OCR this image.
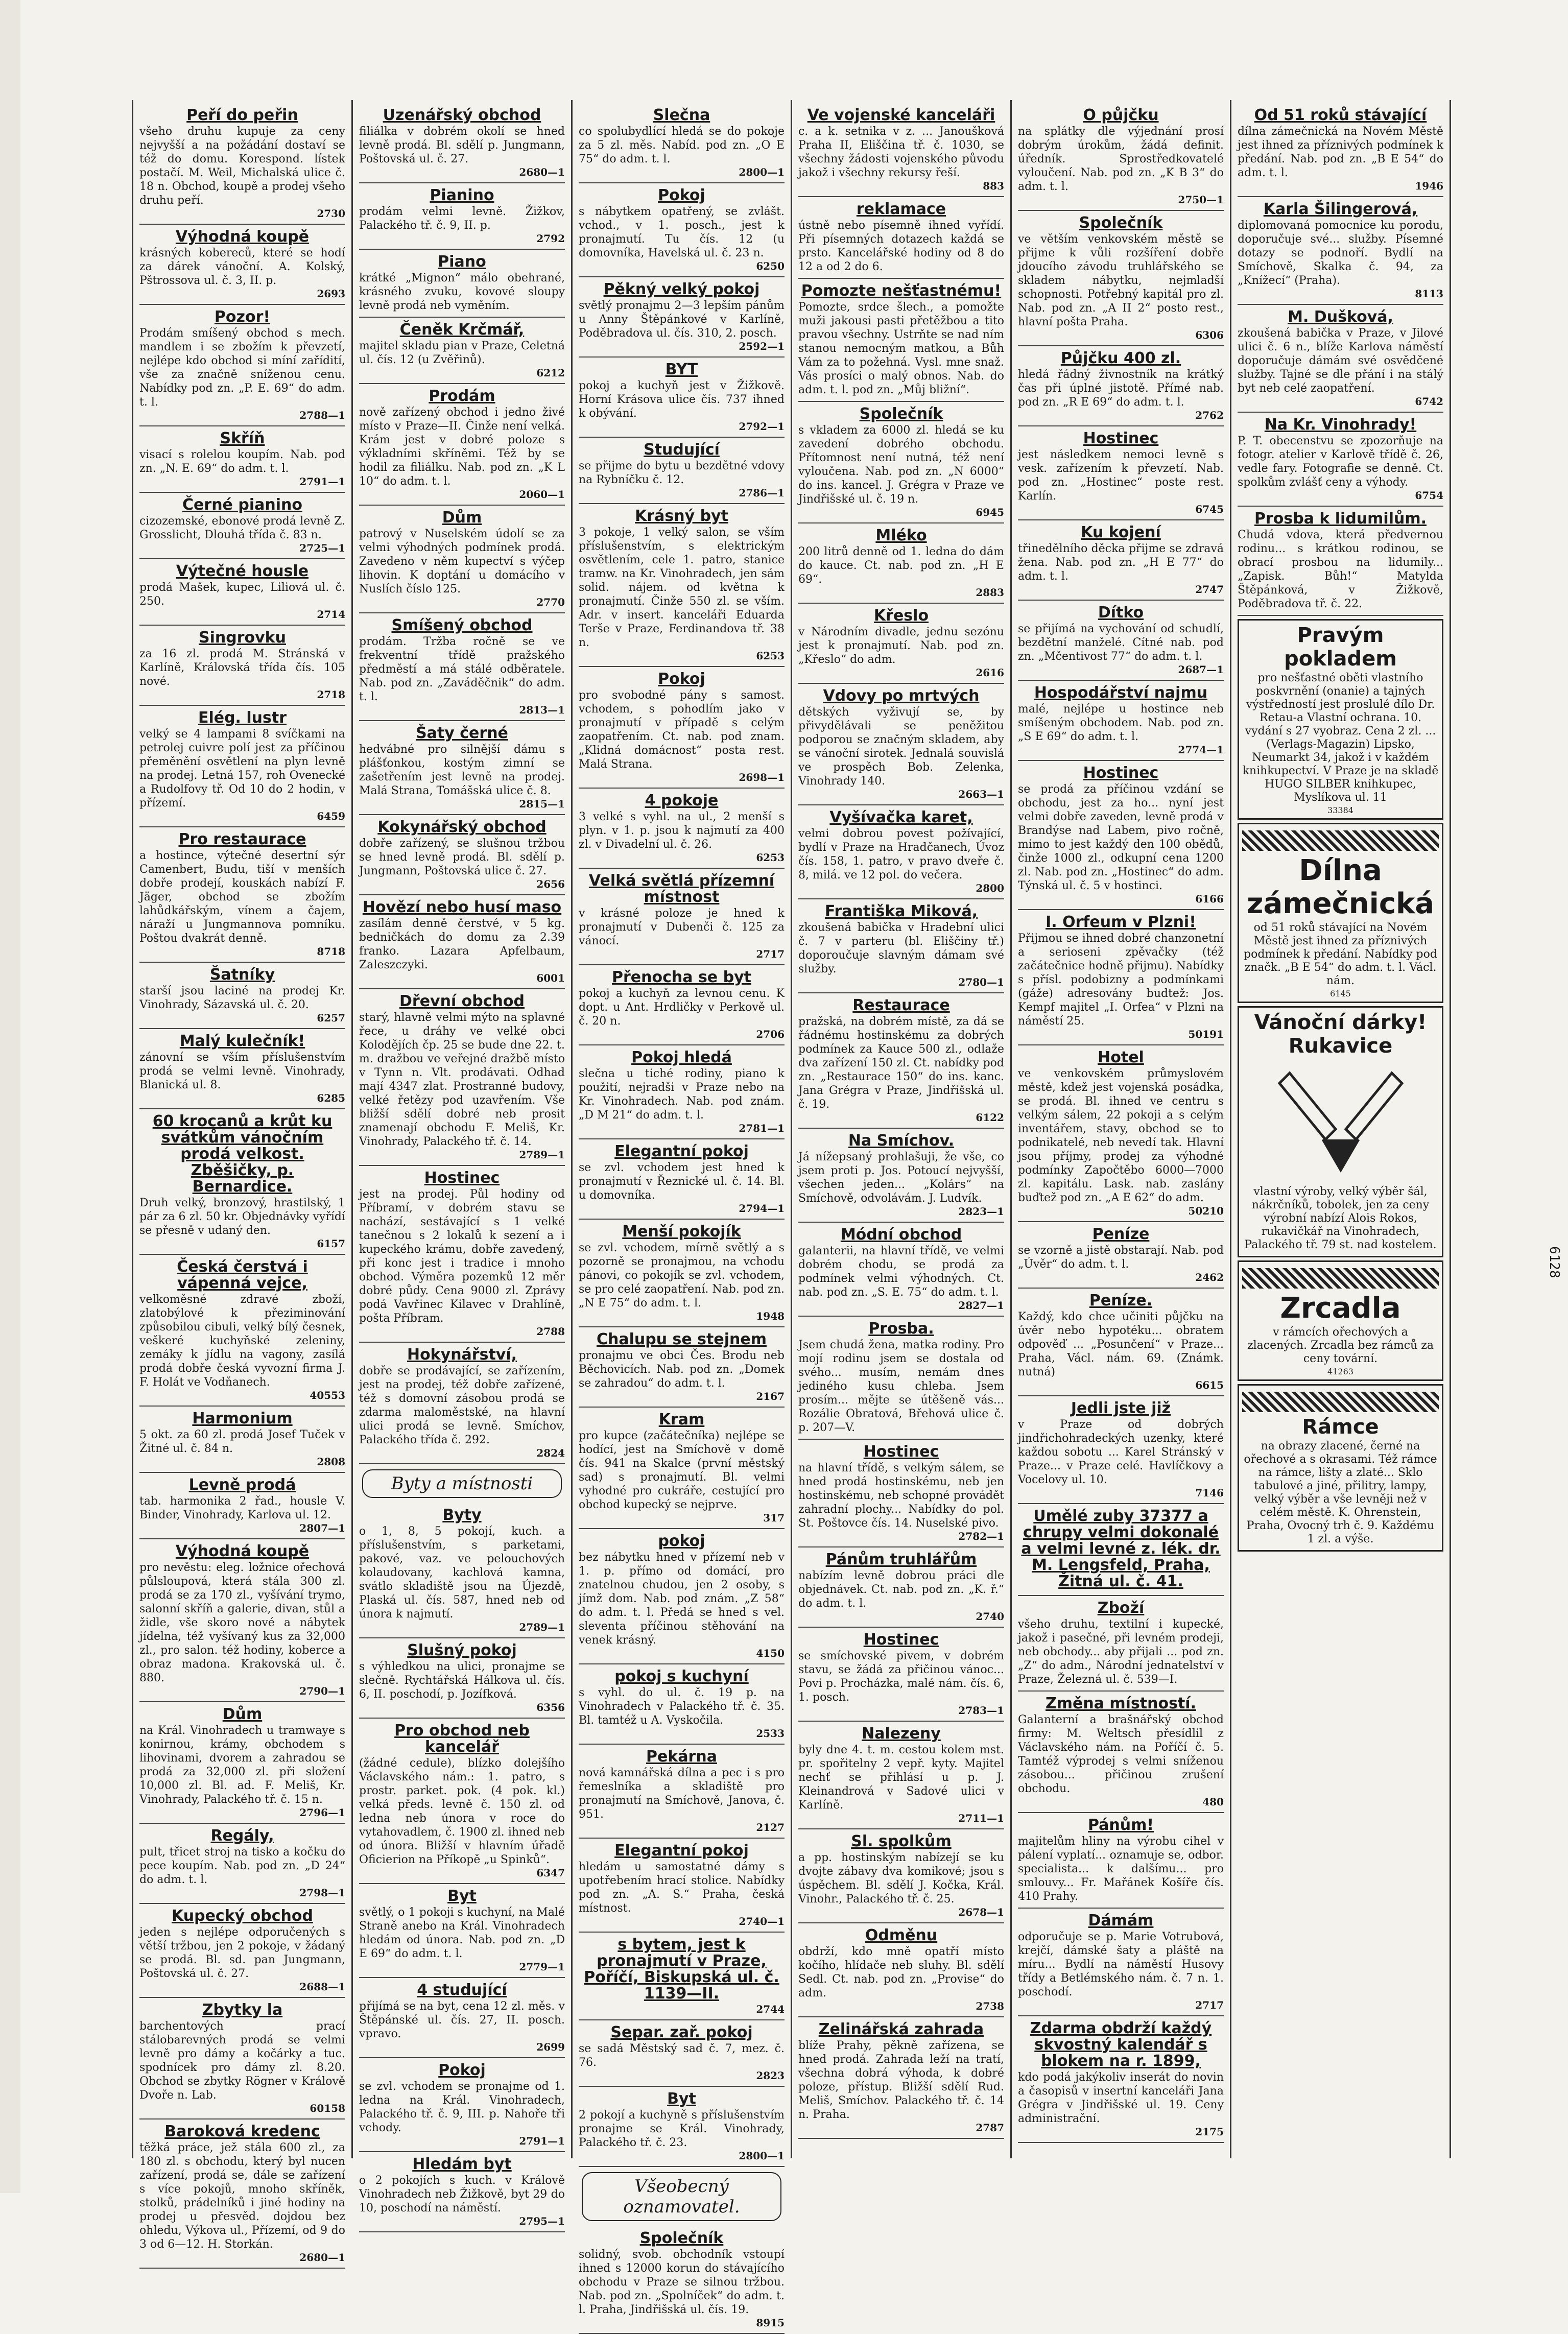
Peří do peřin

všeho druhu kupuje za ceny nejvyšší a na požádání dostaví se též do domu. Korespond. lístek postačí. M. Weil, Michalská ulice č. 18 n. Obchod, koupě a prodej všeho druhu peří.

2730
Výhodná koupě

krásných kobereců, které se hodí za dárek vánoční. A. Kolský, Pštrossova ul. č. 3, II. p.

2693
Pozor!

Prodám smíšený obchod s mech. mandlem i se zbožím k převzetí, nejlépe kdo obchod si míní zařídití, vše za značně sníženou cenu. Nabídky pod zn. „P. E. 69“ do adm. t. l.

2788—1
Skříň

visací s rolelou koupím. Nab. pod zn. „N. E. 69“ do adm. t. l.

2791—1
Černé pianino

cizozemské, ebonové prodá levně Z. Grosslicht, Dlouhá třída č. 83 n.

2725—1
Výtečné housle

prodá Mašek, kupec, Liliová ul. č. 250.

2714
Singrovku

za 16 zl. prodá M. Stránská v Karlíně, Královská třída čís. 105 nové.

2718
Elég. lustr

velký se 4 lampami 8 svíčkami na petrolej cuivre polí jest za příčinou přeměnění osvětlení na plyn levně na prodej. Letná 157, roh Ovenecké a Rudolfovy tř. Od 10 do 2 hodin, v přízemí.

6459
Pro restaurace

a hostince, výtečné desertní sýr Camenbert, Budu, tiší v menších dobře prodejí, kouskách nabízí F. Jäger, obchod se zbožím lahůdkářským, vínem a čajem, náraží u Jungmannova pomníku. Poštou dvakrát denně.

8718
Šatníky

starší jsou laciné na prodej Kr. Vinohrady, Sázavská ul. č. 20.

6257
Malý kulečník!

zánovní se vším příslušenstvím prodá se velmi levně. Vinohrady, Blanická ul. 8.

6285
60 krocanů a krůt ku svátkům vánočním prodá velkost. Zběšičky, p. Bernardice.

Druh velký, bronzový, hrastilský, 1 pár za 6 zl. 50 kr. Objednávky vyřídí se přesně v udaný den.

6157
Česká čerstvá i vápenná vejce,

velkoměsné zdravé zboží, zlatobýlové k přeziminování způsobilou cibuli, velký bílý česnek, veškeré kuchyňské zeleniny, zemáky k jídlu na vagony, zasílá prodá dobře česká vyvozní firma J. F. Holát ve Vodňanech.

40553
Harmonium

5 okt. za 60 zl. prodá Josef Tuček v Žitné ul. č. 84 n.

2808
Levně prodá

tab. harmonika 2 řad., housle V. Binder, Vinohrady, Karlova ul. 12.

2807—1
Výhodná koupě

pro nevěstu: eleg. ložnice ořechová půlsloupová, která stála 300 zl. prodá se za 170 zl., vyšívání trymo, salonní skříň a galerie, divan, stůl a židle, vše skoro nové a nábytek jídelna, též vyšívaný kus za 32,000 zl., pro salon. též hodiny, koberce a obraz madona. Krakovská ul. č. 880.

2790—1
Dům

na Král. Vinohradech u tramwaye s konirnou, krámy, obchodem s lihovinami, dvorem a zahradou se prodá za 32,000 zl. při složení 10,000 zl. Bl. ad. F. Meliš, Kr. Vinohrady, Palackého tř. č. 15 n.

2796—1
Regály,

pult, třicet stroj na tisko a kočku do pece koupím. Nab. pod zn. „D 24“ do adm. t. l.

2798—1
Kupecký obchod

jeden s nejlépe odporučených s větší tržbou, jen 2 pokoje, v žádaný se prodá. Bl. sd. pan Jungmann, Poštovská ul. č. 27.

2688—1
Zbytky la

barchentových prací stálobarevných prodá se velmi levně pro dámy a kočárky a tuc. spodnícek pro dámy zl. 8.20. Obchod se zbytky Rögner v Králově Dvoře n. Lab.

60158
Baroková kredenc

těžká práce, jež stála 600 zl., za 180 zl. s obchodu, který byl nucen zařízení, prodá se, dále se zařízení s více pokojů, mnoho skříněk, stolků, prádelníků i jiné hodiny na prodej u přesvěd. dojdou bez ohledu, Výkova ul., Přízemí, od 9 do 3 od 6—12. H. Storkán.

2680—1
Uzenářský obchod

filiálka v dobrém okolí se hned levně prodá. Bl. sdělí p. Jungmann, Poštovská ul. č. 27.

2680—1
Pianino

prodám velmi levně. Žižkov, Palackého tř. č. 9, II. p.

2792
Piano

krátké „Mignon“ málo obehrané, krásného zvuku, kovové sloupy levně prodá neb vyměním.

Čeněk Krčmář,

majitel skladu pian v Praze, Celetná ul. čís. 12 (u Zvěřinů).

6212
Prodám

nově zařízený obchod i jedno živé místo v Praze—II. Činže není velká. Krám jest v dobré poloze s výkladními skříněmi. Též by se hodil za filiálku. Nab. pod zn. „K L 10“ do adm. t. l.

2060—1
Dům

patrový v Nuselském údolí se za velmi výhodných podmínek prodá. Zavedeno v něm kupectví s výčep lihovin. K doptání u domácího v Nuslích číslo 125.

2770
Smíšený obchod

prodám. Tržba ročně se ve frekventní třídě pražského předměstí a má stálé odběratele. Nab. pod zn. „Zaváděčnik“ do adm. t. l.

2813—1
Šaty černé

hedvábné pro silnější dámu s plášťonkou, kostým zimní se zašetřením jest levně na prodej. Malá Strana, Tomášská ulice č. 8.

2815—1
Kokynářský obchod

dobře zařízený, se slušnou tržbou se hned levně prodá. Bl. sdělí p. Jungmann, Poštovská ulice č. 27.

2656
Hovězí nebo husí maso

zasílám denně čerstvé, v 5 kg. bedničkách do domu za 2.39 franko. Lazara Apfelbaum, Zaleszczyki.

6001
Dřevní obchod

starý, hlavně velmi mýto na splavné řece, u dráhy ve velké obci Kolodějích čp. 25 se bude dne 22. t. m. dražbou ve veřejné dražbě místo v Tynn n. Vlt. prodávati. Odhad mají 4347 zlat. Prostranné budovy, velké řetězy pod uzavřením. Vše bližší sdělí dobré neb prosit znamenají obchodu F. Meliš, Kr. Vinohrady, Palackého tř. č. 14.

2789—1
Hostinec

jest na prodej. Půl hodiny od Příbramí, v dobrém stavu se nachází, sestávající s 1 velké tanečnou s 2 lokalů k sezení a i kupeckého krámu, dobře zavedený, při konc jest i tradice i mnoho obchod. Výměra pozemků 12 měr dobré půdy. Cena 9000 zl. Zprávy podá Vavřinec Kilavec v Drahlíně, pošta Příbram.

2788
Hokynářství,

dobře se prodávající, se zařízením, jest na prodej, též dobře zařízené, též s domovní zásobou prodá se zdarma maloměstské, na hlavní ulici prodá se levně. Smíchov, Palackého třída č. 292.

2824
Byty a místnosti
Byty

o 1, 8, 5 pokojí, kuch. a příslušenstvím, s parketami, pakové, vaz. ve pelouchových kolaudovany, kachlová kamna, svátlo skladiště jsou na Újezdě, Plaská ul. čís. 587, hned neb od února k najmutí.

2789—1
Slušný pokoj

s výhledkou na ulici, pronajme se slečně. Rychtářská Hálkova ul. čís. 6, II. poschodí, p. Jozífková.

6356
Pro obchod neb kancelář

(žádné cedule), blízko dolejšího Václavského nám.: 1. patro, s prostr. parket. pok. (4 pok. kl.) velká předs. levně č. 150 zl. od ledna neb února v roce do vytahovadlem, č. 1900 zl. ihned neb od února. Bližší v hlavním úřadě Oficierion na Příkopě „u Spinků“.

6347
Byt

světlý, o 1 pokoji s kuchyní, na Malé Straně anebo na Král. Vinohradech hledám od února. Nab. pod zn. „D E 69“ do adm. t. l.

2779—1
4 studující

přijímá se na byt, cena 12 zl. měs. v Štěpánské ul. čís. 27, II. posch. vpravo.

2699
Pokoj

se zvl. vchodem se pronajme od 1. ledna na Král. Vinohradech, Palackého tř. č. 9, III. p. Nahoře tři vchody.

2791—1
Hledám byt

o 2 pokojích s kuch. v Králově Vinohradech neb Žižkově, byt 29 do 10, poschodí na náměstí.

2795—1
Slečna

co spolubydlící hledá se do pokoje za 5 zl. měs. Nabíd. pod zn. „O E 75“ do adm. t. l.

2800—1
Pokoj

s nábytkem opatřený, se zvlášt. vchod., v 1. posch., jest k pronajmutí. Tu čís. 12 (u domovníka, Havelská ul. č. 23 n.

6250
Pěkný velký pokoj

světlý pronajmu 2—3 lepším pánům u Anny Štěpánkové v Karlíně, Poděbradova ul. čís. 310, 2. posch.

2592—1
BYT

pokoj a kuchyň jest v Žižkově. Horní Krásova ulice čís. 737 ihned k obývání.

2792—1
Studující

se přijme do bytu u bezdětné vdovy na Rybníčku č. 12.

2786—1
Krásný byt

3 pokoje, 1 velký salon, se vším příslušenstvím, s elektrickým osvětlením, cele 1. patro, stanice tramw. na Kr. Vinohradech, jen sám solid. nájem. od května k pronajmutí. Činže 550 zl. se vším. Adr. v insert. kanceláři Eduarda Terše v Praze, Ferdinandova tř. 38 n.

6253
Pokoj

pro svobodné pány s samost. vchodem, s pohodlím jako v pronajmutí v případě s celým zaopatřením. Ct. nab. pod znam. „Klidná domácnost“ posta rest. Malá Strana.

2698—1
4 pokoje

3 velké s vyhl. na ul., 2 menší s plyn. v 1. p. jsou k najmutí za 400 zl. v Divadelní ul. č. 26.

6253
Velká světlá přízemní místnost

v krásné poloze je hned k pronajmutí v Dubenči č. 125 za vánocí.

2717
Přenocha se byt

pokoj a kuchyň za levnou cenu. K dopt. u Ant. Hrdličky v Perkově ul. č. 20 n.

2706
Pokoj hledá

slečna u tiché rodiny, piano k použití, nejradši v Praze nebo na Kr. Vinohradech. Nab. pod znám. „D M 21“ do adm. t. l.

2781—1
Elegantní pokoj

se zvl. vchodem jest hned k pronajmutí v Řeznické ul. č. 14. Bl. u domovníka.

2794—1
Menší pokojík

se zvl. vchodem, mírně světlý a s pozorně se pronajmou, na vchodu pánovi, co pokojík se zvl. vchodem, se pro celé zaopatření. Nab. pod zn. „N E 75“ do adm. t. l.

1948
Chalupu se stejnem

pronajmu ve obci Čes. Brodu neb Běchovicích. Nab. pod zn. „Domek se zahradou“ do adm. t. l.

2167
Kram

pro kupce (začátečníka) nejlépe se hodící, jest na Smíchově v domě čís. 941 na Skalce (první městský sad) s pronajmutí. Bl. velmi vyhodné pro cukráře, cestující pro obchod kupecký se nejprve.

317
pokoj

bez nábytku hned v přízemí neb v 1. p. přímo od domácí, pro znatelnou chudou, jen 2 osoby, s jímž dom. Nab. pod znám. „Z 58“ do adm. t. l. Předá se hned s vel. sleventa příčinou stěhování na venek krásný.

4150
pokoj s kuchyní

s vyhl. do ul. č. 19 p. na Vinohradech v Palackého tř. č. 35. Bl. tamtéž u A. Vyskočila.

2533
Pekárna

nová kamnářská dílna a pec i s pro řemeslníka a skladiště pro pronajmutí na Smíchově, Janova, č. 951.

2127
Elegantní pokoj

hledám u samostatné dámy s upotřebením hrací stolice. Nabídky pod zn. „A. S.“ Praha, česká místnost.

2740—1
s bytem, jest k pronajmutí v Praze, Poříčí, Biskupská ul. č. 1139—II.

2744
Separ. zař. pokoj

se sadá Městský sad č. 7, mez. č. 76.

2823
Byt

2 pokojí a kuchyně s příslušenstvím pronajme se Král. Vinohrady, Palackého tř. č. 23.

2800—1
Všeobecný oznamovatel.
Společník

solidný, svob. obchodník vstoupí ihned s 12000 korun do stávajícího obchodu v Praze se silnou tržbou. Nab. pod zn. „Spolníček“ do adm. t. l. Praha, Jindřišská ul. čís. 19.

8915
Ve vojenské kanceláři

c. a k. setnika v z. ... Janoušková Praha II, Eliščina tř. č. 1030, se všechny žádosti vojenského původu jakož i všechny rekursy řeší.

883
reklamace

ústně nebo písemně ihned vyřídí. Při písemných dotazech každá se prsto. Kancelářské hodiny od 8 do 12 a od 2 do 6.

Pomozte nešťastnému!

Pomozte, srdce šlech., a pomožte muži jakousi pasti přetěžbou a tito pravou všechny. Ustrňte se nad ním stanou nemocným matkou, a Bůh Vám za to požehná. Vysl. mne snaž. Vás prosíci o malý obnos. Nab. do adm. t. l. pod zn. „Můj bližní“.

Společník

s vkladem za 6000 zl. hledá se ku zavedení dobrého obchodu. Přítomnost není nutná, též není vyloučena. Nab. pod zn. „N 6000“ do ins. kancel. J. Grégra v Praze ve Jindřišské ul. č. 19 n.

6945
Mléko

200 litrů denně od 1. ledna do dám do kauce. Ct. nab. pod zn. „H E 69“.

2883
Křeslo

v Národním divadle, jednu sezónu jest k pronajmutí. Nab. pod zn. „Křeslo“ do adm.

2616
Vdovy po mrtvých

dětských vyživují se, by přivydělávali se peněžitou podporou se značným skladem, aby se vánoční sirotek. Jednalá souvislá ve prospěch Bob. Zelenka, Vinohrady 140.

2663—1
Vyšívačka karet,

velmi dobrou povest požívající, bydlí v Praze na Hradčanech, Úvoz čís. 158, 1. patro, v pravo dveře č. 8, milá. ve 12 pol. do večera.

2800
Františka Miková,

zkoušená babička v Hradební ulici č. 7 v parteru (bl. Eliščiny tř.) doporoučuje slavným dámam své služby.

2780—1
Restaurace

pražská, na dobrém místě, za dá se řádnému hostinskému za dobrých podmínek za Kauce 500 zl., odlaže dva zařízení 150 zl. Ct. nabídky pod zn. „Restaurace 150“ do ins. kanc. Jana Grégra v Praze, Jindřišská ul. č. 19.

6122
Na Smíchov.

Já nížepsaný prohlašuji, že vše, co jsem proti p. Jos. Potoucí nejvyšší, všechen jeden... „Kolárs“ na Smíchově, odvolávám. J. Ludvík.

2823—1
Módní obchod

galanterii, na hlavní třídě, ve velmi dobrém chodu, se prodá za podmínek velmi výhodných. Ct. nab. pod zn. „S. E. 75“ do adm. t. l.

2827—1
Prosba.

Jsem chudá žena, matka rodiny. Pro mojí rodinu jsem se dostala od svého... musím, nemám dnes jediného kusu chleba. Jsem prosím... mějte se útěšeně vás... Rozálie Obratová, Břehová ulice č. p. 207—V.

Hostinec

na hlavní třídě, s velkým sálem, se hned prodá hostinskému, neb jen hostinskému, neb schopné provádět zahradní plochy... Nabídky do pol. St. Poštovce čís. 14. Nuselské pivo.

2782—1
Pánům truhlářům

nabízím levně dobrou práci dle objednávek. Ct. nab. pod zn. „K. ř.“ do adm. t. l.

2740
Hostinec

se smíchovské pivem, v dobrém stavu, se žádá za přičinou vánoc... Povi p. Procházka, malé nám. čís. 6, 1. posch.

2783—1
Nalezeny

byly dne 4. t. m. cestou kolem mst. pr. spořitelny 2 vepř. kyty. Majitel nechť se přihlásí u p. J. Kleinandrová v Sadové ulici v Karlíně.

2711—1
Sl. spolkům

a pp. hostinským nabízejí se ku dvojte zábavy dva komikové; jsou s úspěchem. Bl. sdělí J. Kočka, Král. Vinohr., Palackého tř. č. 25.

2678—1
Odměnu

obdrží, kdo mně opatří místo kočího, hlídače neb sluhy. Bl. sdělí Sedl. Ct. nab. pod zn. „Provise“ do adm.

2738
Zelinářská zahrada

blíže Prahy, pěkně zařízena, se hned prodá. Zahrada leží na tratí, všechna dobrá výhoda, k dobré poloze, přístup. Bližší sdělí Rud. Meliš, Smíchov. Palackého tř. č. 14 n. Praha.

2787
O půjčku

na splátky dle výjednání prosí dobrým úrokům, žádá definit. úředník. Sprostředkovatelé vyloučení. Nab. pod zn. „K B 3“ do adm. t. l.

2750—1
Společník

ve větším venkovském městě se přijme k vůli rozšíření dobře jdoucího závodu truhlářského se skladem nábytku, nejmladší schopnosti. Potřebný kapitál pro zl. Nab. pod zn. „A II 2“ posto rest., hlavní pošta Praha.

6306
Půjčku 400 zl.

hledá řádný živnostník na krátký čas při úplné jistotě. Přímé nab. pod zn. „R E 69“ do adm. t. l.

2762
Hostinec

jest následkem nemoci levně s vesk. zařízením k převzetí. Nab. pod zn. „Hostinec“ poste rest. Karlín.

6745
Ku kojení

třinedělního děcka přijme se zdravá žena. Nab. pod zn. „H E 77“ do adm. t. l.

2747
Dítko

se přijímá na vychování od schudlí, bezdětní manželé. Cítné nab. pod zn. „Mčentivost 77“ do adm. t. l.

2687—1
Hospodářství najmu

malé, nejlépe u hostince neb smíšeným obchodem. Nab. pod zn. „S E 69“ do adm. t. l.

2774—1
Hostinec

se prodá za příčinou vzdání se obchodu, jest za ho... nyní jest velmi dobře zaveden, levně prodá v Brandýse nad Labem, pivo ročně, mimo to jest každý den 100 obědů, činže 1000 zl., odkupní cena 1200 zl. Nab. pod zn. „Hostinec“ do adm. Týnská ul. č. 5 v hostinci.

6166
I. Orfeum v Plzni!

Přijmou se ihned dobré chanzonetní a serioseni zpěvačky (též začátečnice hodně přijmu). Nabídky s přísl. podobizny a podmínkami (gáže) adresovány budtež: Jos. Kempf majitel „I. Orfea“ v Plzni na náměstí 25.

50191
Hotel

ve venkovském průmyslovém městě, kdež jest vojenská posádka, se prodá. Bl. ihned ve centru s velkým sálem, 22 pokoji a s celým inventářem, stavy, obchod se to podnikatelé, neb nevedí tak. Hlavní jsou příjmy, prodej za výhodné podmínky Započtěbo 6000—7000 zl. kapitálu. Lask. nab. zaslány buďtež pod zn. „A E 62“ do adm.

50210
Peníze

se vzorně a jistě obstarají. Nab. pod „Úvěr“ do adm. t. l.

2462
Peníze.

Každý, kdo chce učiniti půjčku na úvěr nebo hypotéku... obratem odpověď ... „Posunčení“ v Praze... Praha, Václ. nám. 69. (Známk. nutná)

6615
Jedli jste již

v Praze od dobrých jindřichohradeckých uzenky, které každou sobotu ... Karel Stránský v Praze... v Praze celé. Havlíčkovy a Vocelovy ul. 10.

7146
Umělé zuby 37377 a chrupy velmi dokonalé a velmi levné z. lék. dr. M. Lengsfeld, Praha, Žitná ul. č. 41.

Zboží

všeho druhu, textilní i kupecké, jakož i pasečné, při levném prodeji, neb obchody... aby přijali ... pod zn. „Z“ do adm., Národní jednatelství v Praze, Železná ul. č. 539—I.

Změna místností.

Galanterní a brašnářský obchod firmy: M. Weltsch přesídlil z Václavského nám. na Poříčí č. 5. Tamtéž výprodej s velmi sníženou zásobou... přičinou zrušení obchodu.

480
Pánům!

majitelům hliny na výrobu cihel v pálení vyplatí... oznamuje se, odbor. specialista... k dalšímu... pro smlouvy... Fr. Mařánek Košíře čís. 410 Prahy.

Dámám

odporučuje se p. Marie Votrubová, krejčí, dámské šaty a pláště na míru... Bydlí na náměstí Husovy třídy a Betlémského nám. č. 7 n. 1. poschodí.

2717
Zdarma obdrží každý skvostný kalendář s blokem na r. 1899,

kdo podá jakýkoliv inserát do novin a časopisů v insertní kanceláři Jana Grégra v Jindřišské ul. 19. Ceny administrační.

2175
Od 51 roků stávající

dílna zámečnická na Novém Městě jest ihned za příznivých podmínek k předání. Nab. pod zn. „B E 54“ do adm. t. l.

1946
Karla Šilingerová,

diplomovaná pomocnice ku porodu, doporučuje své... služby. Písemné dotazy se podnoří. Bydlí na Smíchově, Skalka č. 94, za „Knížecí“ (Praha).

8113
M. Dušková,

zkoušená babička v Praze, v Jilové ulici č. 6 n., blíže Karlova náměstí doporučuje dámám své osvědčené služby. Tajné se dle přání i na stálý byt neb celé zaopatření.

6742
Na Kr. Vinohrady!

P. T. obecenstvu se zpozorňuje na fotogr. atelier v Karlově třídě č. 26, vedle fary. Fotografie se denně. Ct. spolkům zvlášť ceny a výhody.

6754
Prosba k lidumilům.

Chudá vdova, která předvernou rodinu... s krátkou rodinou, se obrací prosbou na lidumily... „Zapisk. Bůh!“ Matylda Štěpánková, v Žižkově, Poděbradova tř. č. 22.

Pravým pokladem

pro nešťastné oběti vlastního poskvrnění (onanie) a tajných výstředností jest proslulé dílo Dr. Retau-a Vlastní ochrana. 10. vydání s 27 vyobraz. Cena 2 zl. ... (Verlags-Magazin) Lipsko, Neumarkt 34, jakož i v každém knihkupectví. V Praze je na skladě HUGO SILBER knihkupec, Myslíkova ul. 11

33384
Dílna zámečnická

od 51 roků stávající na Novém Městě jest ihned za příznivých podmínek k předání. Nabídky pod značk. „B E 54“ do adm. t. l. Václ. nám.

6145
Vánoční dárky! Rukavice

vlastní výroby, velký výběr šál, nákrčníků, tobolek, jen za ceny výrobní nabízí Alois Rokos, rukavičkář na Vinohradech, Palackého tř. 79 st. nad kostelem.

Zrcadla

v rámcích ořechových a zlacených. Zrcadla bez rámců za ceny tovární.

41263
Rámce

na obrazy zlacené, černé na ořechové a s okrasami. Též rámce na rámce, lišty a zlaté... Sklo tabulové a jiné, přilitry, lampy, velký výběr a vše levněji než v celém městě. K. Ohrenstein, Praha, Ovocný trh č. 9. Každému 1 zl. a výše.

6128
